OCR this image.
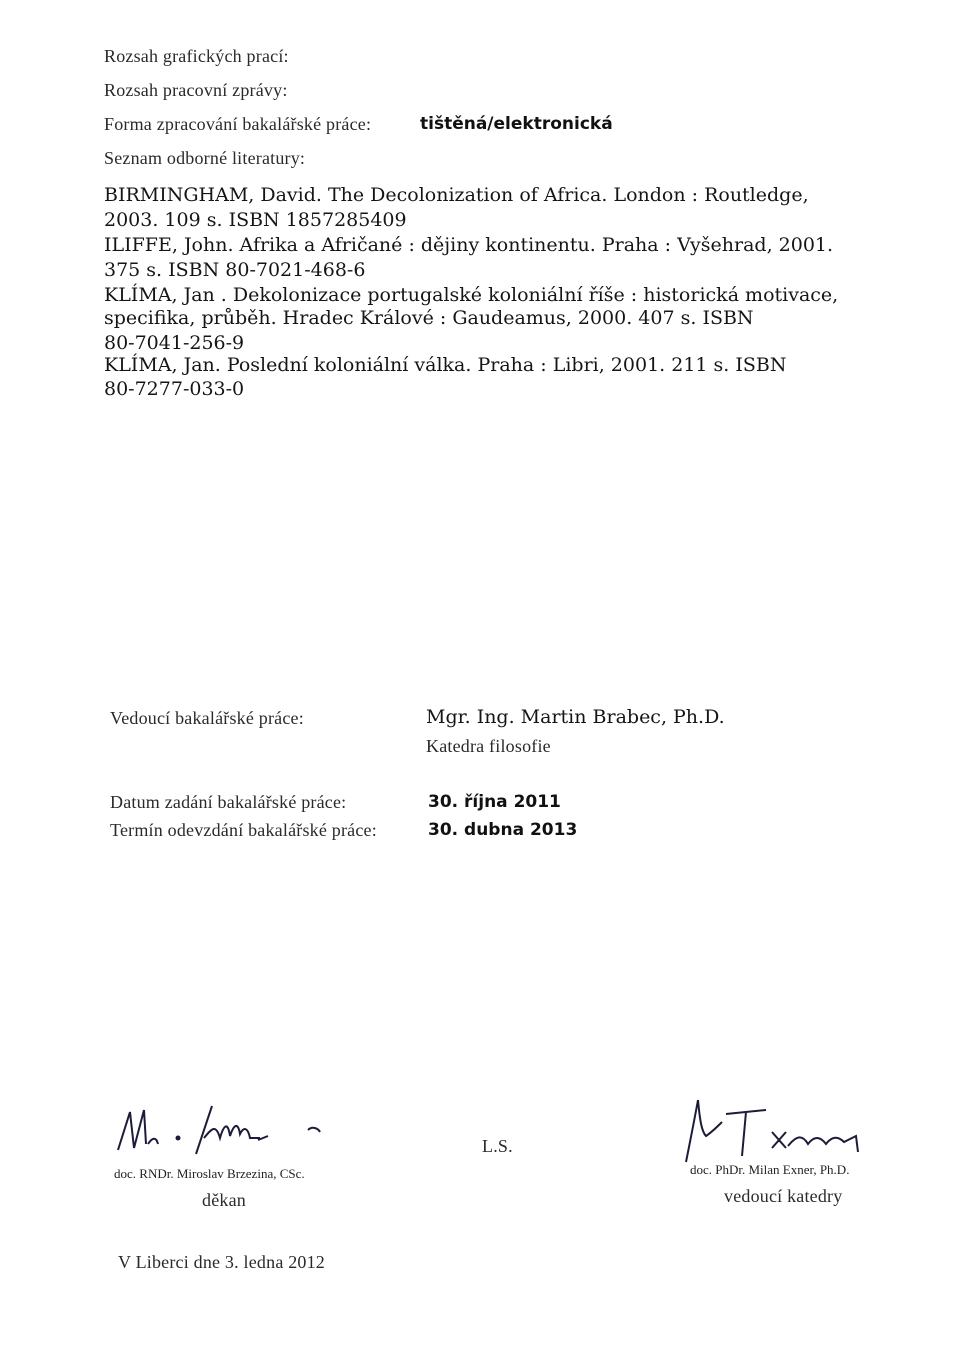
Rozsah grafických prací:
Rozsah pracovní zprávy:
Forma zpracování bakalářské práce:	tištěná/elektronická
Seznam odborné literatury:
BIRMINGHAM, David. The Decolonization of Africa. London : Routledge,
2003. 109 s. ISBN 1857285409
ILIFFE, John. Afrika a Afričané : dějiny kontinentu. Praha : Vyšehrad, 2001.
375 s. ISBN 80-7021-468-6
KLÍMA, Jan . Dekolonizace portugalské koloniální říše : historická motivace,
specifika, průběh. Hradec Králové : Gaudeamus, 2000. 407 s. ISBN
80-7041-256-9
KLÍMA, Jan. Poslední koloniální válka. Praha : Libri, 2001. 211 s. ISBN
80-7277-033-0
Vedoucí bakalářské práce:	Mgr. Ing. Martin Brabec, Ph.D.
Katedra filosofie
Datum zadání bakalářské práce:	30. října 2011
Termín odevzdání bakalářské práce:	30. dubna 2013
doc. RNDr. Miroslav Brzezina, CSc.
děkan
L.S.
doc. PhDr. Milan Exner, Ph.D.
vedoucí katedry
V Liberci dne 3. ledna 2012
